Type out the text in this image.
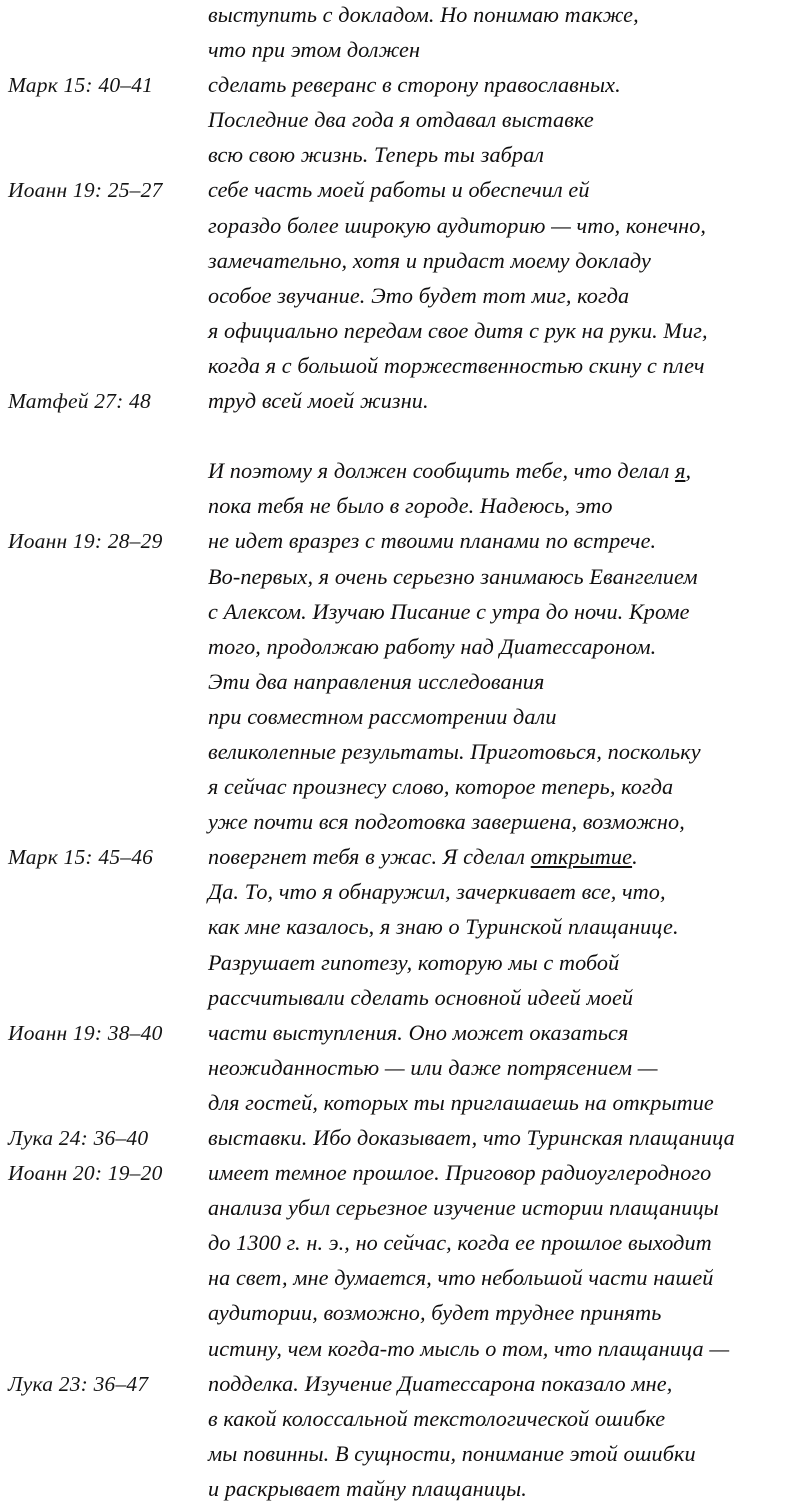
выступить с докладом. Но понимаю также,
что при этом должен
Марк 15: 40–41	сделать реверанс в сторону православных.
Последние два года я отдавал выставке
всю свою жизнь. Теперь ты забрал
Иоанн 19: 25–27	себе часть моей работы и обеспечил ей
гораздо более широкую аудиторию — что, конечно,
замечательно, хотя и придаст моему докладу
особое звучание. Это будет тот миг, когда
я официально передам свое дитя с рук на руки. Миг,
когда я с большой торжественностью скину с плеч
Матфей 27: 48	труд всей моей жизни.
И поэтому я должен сообщить тебе, что делал я,
пока тебя не было в городе. Надеюсь, это
Иоанн 19: 28–29	не идет вразрез с твоими планами по встрече.
Во-первых, я очень серьезно занимаюсь Евангелием
с Алексом. Изучаю Писание с утра до ночи. Кроме
того, продолжаю работу над Диатессароном.
Эти два направления исследования
при совместном рассмотрении дали
великолепные результаты. Приготовься, поскольку
я сейчас произнесу слово, которое теперь, когда
уже почти вся подготовка завершена, возможно,
Марк 15: 45–46	повергнет тебя в ужас. Я сделал открытие.
Да. То, что я обнаружил, зачеркивает все, что,
как мне казалось, я знаю о Туринской плащанице.
Разрушает гипотезу, которую мы с тобой
рассчитывали сделать основной идеей моей
Иоанн 19: 38–40	части выступления. Оно может оказаться
неожиданностью — или даже потрясением —
для гостей, которых ты приглашаешь на открытие
Лука 24: 36–40	выставки. Ибо доказывает, что Туринская плащаница
Иоанн 20: 19–20	имеет темное прошлое. Приговор радиоуглеродного
анализа убил серьезное изучение истории плащаницы
до 1300 г. н. э., но сейчас, когда ее прошлое выходит
на свет, мне думается, что небольшой части нашей
аудитории, возможно, будет труднее принять
истину, чем когда-то мысль о том, что плащаница —
Лука 23: 36–47	подделка. Изучение Диатессарона показало мне,
в какой колоссальной текстологической ошибке
мы повинны. В сущности, понимание этой ошибки
и раскрывает тайну плащаницы.
